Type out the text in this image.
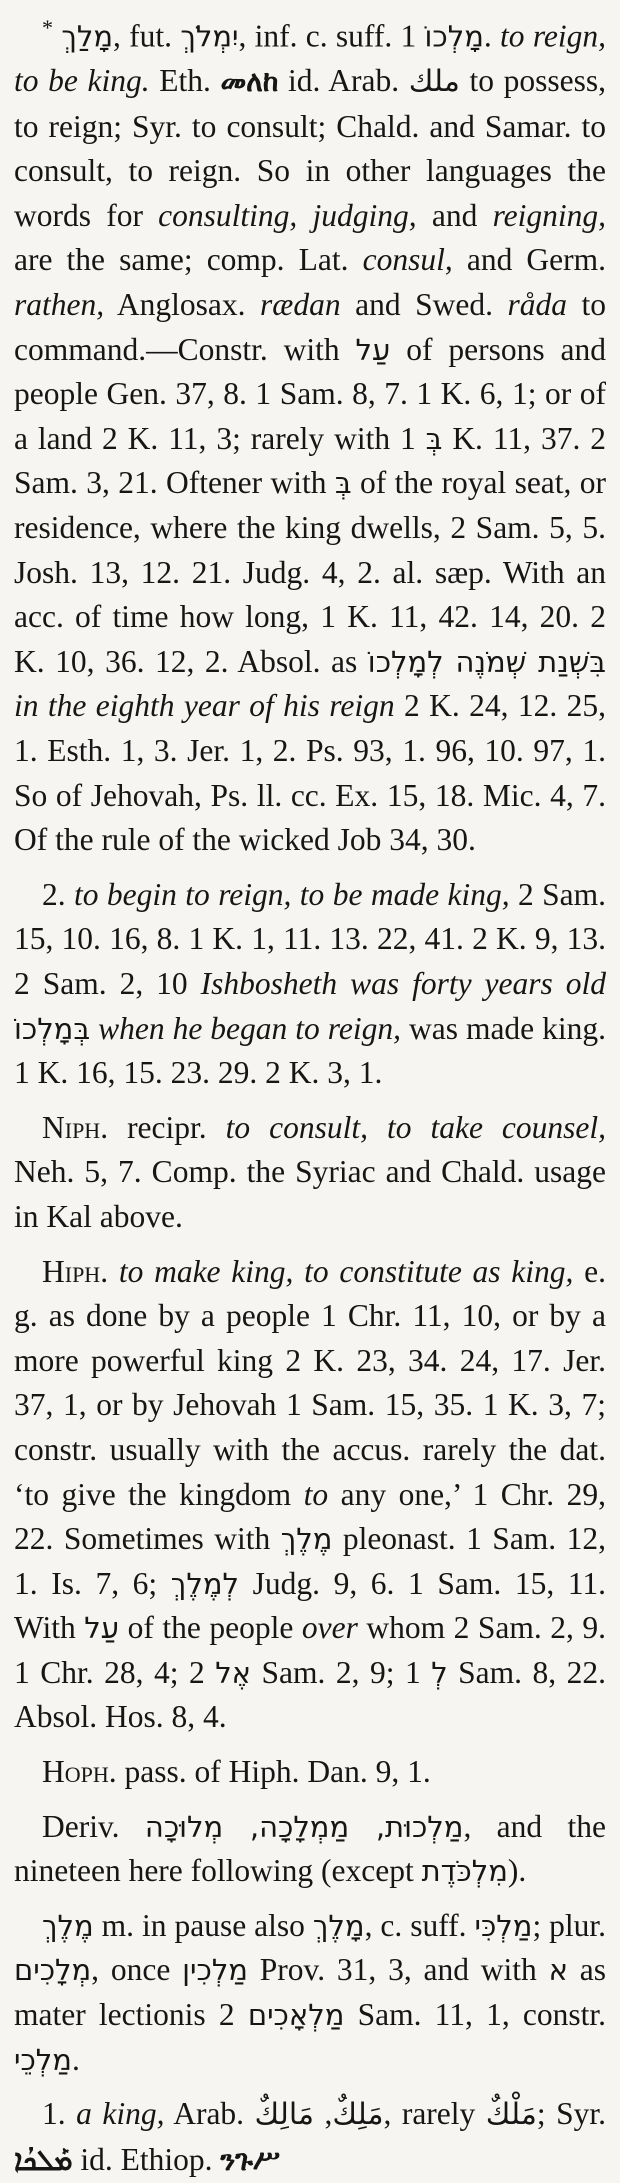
* מָלַךְ, fut. יִמְלֹךְ, inf. c. suff. מָלְכוֹ 1. to reign, to be king. Eth. መለከ id. Arab. ملك to possess, to reign; Syr. to consult; Chald. and Samar. to consult, to reign. So in other languages the words for consulting, judging, and reigning, are the same; comp. Lat. consul, and Germ. rathen, Anglosax. rædan and Swed. råda to command.—Constr. with עַל of persons and people Gen. 37, 8. 1 Sam. 8, 7. 1 K. 6, 1; or of a land 2 K. 11, 3; rarely with בְּ 1 K. 11, 37. 2 Sam. 3, 21. Oftener with בְּ of the royal seat, or residence, where the king dwells, 2 Sam. 5, 5. Josh. 13, 12. 21. Judg. 4, 2. al. sæp. With an acc. of time how long, 1 K. 11, 42. 14, 20. 2 K. 10, 36. 12, 2. Absol. as בִּשְׁנַת שְׁמֹנֶה לְמָלְכוֹ in the eighth year of his reign 2 K. 24, 12. 25, 1. Esth. 1, 3. Jer. 1, 2. Ps. 93, 1. 96, 10. 97, 1. So of Jehovah, Ps. ll. cc. Ex. 15, 18. Mic. 4, 7. Of the rule of the wicked Job 34, 30.

2. to begin to reign, to be made king, 2 Sam. 15, 10. 16, 8. 1 K. 1, 11. 13. 22, 41. 2 K. 9, 13. 2 Sam. 2, 10 Ishbosheth was forty years old בְּמָלְכוֹ when he began to reign, was made king. 1 K. 16, 15. 23. 29. 2 K. 3, 1.

Niph. recipr. to consult, to take counsel, Neh. 5, 7. Comp. the Syriac and Chald. usage in Kal above.

Hiph. to make king, to constitute as king, e. g. as done by a people 1 Chr. 11, 10, or by a more powerful king 2 K. 23, 34. 24, 17. Jer. 37, 1, or by Jehovah 1 Sam. 15, 35. 1 K. 3, 7; constr. usually with the accus. rarely the dat. ‘to give the kingdom to any one,’ 1 Chr. 29, 22. Sometimes with מֶלֶךְ pleonast. 1 Sam. 12, 1. Is. 7, 6; לְמֶלֶךְ Judg. 9, 6. 1 Sam. 15, 11. With עַל of the people over whom 2 Sam. 2, 9. 1 Chr. 28, 4; אֶל 2 Sam. 2, 9; לְ 1 Sam. 8, 22. Absol. Hos. 8, 4.

Hoph. pass. of Hiph. Dan. 9, 1.

Deriv. מַלְכוּת, מַמְלָכָה, מְלוּכָה, and the nineteen here following (except מִלְכֹּדֶת).

מֶלֶךְ m. in pause also מָלֶךְ, c. suff. מַלְכִּי; plur. מְלָכִים, once מַלְכִין Prov. 31, 3, and with א as mater lectionis מַלְאָכִים 2 Sam. 11, 1, constr. מַלְכֵי.

1. a king, Arab.	مَلِكٌ, مَالِكٌ , rarely مَلْكٌ; Syr. ܡܰܠܟܳܐ id. Ethiop. ንጉሥ
